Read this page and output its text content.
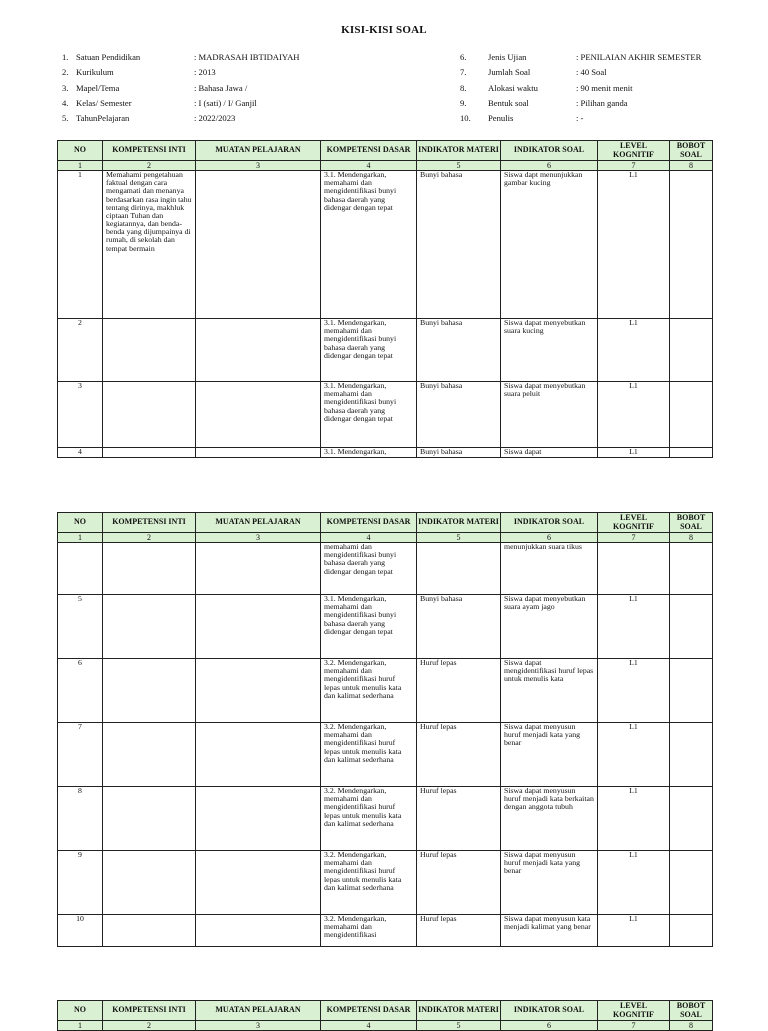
KISI-KISI SOAL
1. Satuan Pendidikan	: MADRASAH IBTIDAIYAH
2. Kurikulum	: 2013
3. Mapel/Tema	: Bahasa Jawa /
4. Kelas/ Semester	: I (sati) / I/ Ganjil
5. TahunPelajaran	: 2022/2023
6.	Jenis Ujian	: PENILAIAN AKHIR SEMESTER
7.	Jumlah Soal	: 40 Soal
8.	Alokasi waktu	: 90 menit menit
9.	Bentuk soal	: Pilihan ganda
10. Penulis	: -
NO	KOMPETENSI INTI	MUATAN PELAJARAN	KOMPETENSI DASAR	INDIKATOR MATERI	INDIKATOR SOAL	LEVEL KOGNITIF	BOBOT SOAL
1	2	3	4	5	6	7	8

1	Memahami pengetahuan faktual dengan cara mengamati dan menanya berdasarkan rasa ingin tahu tentang dirinya, makhluk ciptaan Tuhan dan kegiatannya, dan benda-benda yang dijumpainya di rumah, di sekolah dan tempat bermain		3.1. Mendengarkan, memahami dan mengidentifikasi bunyi bahasa daerah yang didengar dengan tepat	Bunyi bahasa	Siswa dapt menunjukkan gambar kucing	L1	

2			3.1. Mendengarkan, memahami dan mengidentifikasi bunyi bahasa daerah yang didengar dengan tepat	Bunyi bahasa	Siswa dapat menyebutkan suara kucing	L1	

3			3.1. Mendengarkan, memahami dan mengidentifikasi bunyi bahasa daerah yang didengar dengan tepat	Bunyi bahasa	Siswa dapat menyebutkan suara peluit	L1	

4			3.1. Mendengarkan,	Bunyi bahasa	Siswa dapat	L1	

NO	KOMPETENSI INTI	MUATAN PELAJARAN	KOMPETENSI DASAR	INDIKATOR MATERI	INDIKATOR SOAL	LEVEL KOGNITIF	BOBOT SOAL
1	2	3	4	5	6	7	8

			memahami dan mengidentifikasi bunyi bahasa daerah yang didengar dengan tepat		menunjukkan suara tikus		

5			3.1. Mendengarkan, memahami dan mengidentifikasi bunyi bahasa daerah yang didengar dengan tepat	Bunyi bahasa	Siswa dapat menyebutkan suara ayam jago	L1	

6			3.2. Mendengarkan, memahami dan mengidentifikasi huruf lepas untuk menulis kata dan kalimat sederhana	Huruf lepas	Siswa dapat mengidentifikasi huruf lepas untuk menulis kata	L1	

7			3.2. Mendengarkan, memahami dan mengidentifikasi huruf lepas untuk menulis kata dan kalimat sederhana	Huruf lepas	Siswa dapat menyusun huruf menjadi kata yang benar	L1	

8			3.2. Mendengarkan, memahami dan mengidentifikasi huruf lepas untuk menulis kata dan kalimat sederhana	Huruf lepas	Siswa dapat menyusun huruf menjadi kata berkaitan dengan anggota tubuh	L1	

9			3.2. Mendengarkan, memahami dan mengidentifikasi huruf lepas untuk menulis kata dan kalimat sederhana	Huruf lepas	Siswa dapat menyusun huruf menjadi kata yang benar	L1	

10			3.2. Mendengarkan, memahami dan mengidentifikasi	Huruf lepas	Siswa dapat menyusun kata menjadi kalimat yang benar	L1	

NO	KOMPETENSI INTI	MUATAN PELAJARAN	KOMPETENSI DASAR	INDIKATOR MATERI	INDIKATOR SOAL	LEVEL KOGNITIF	BOBOT SOAL
1	2	3	4	5	6	7	8
